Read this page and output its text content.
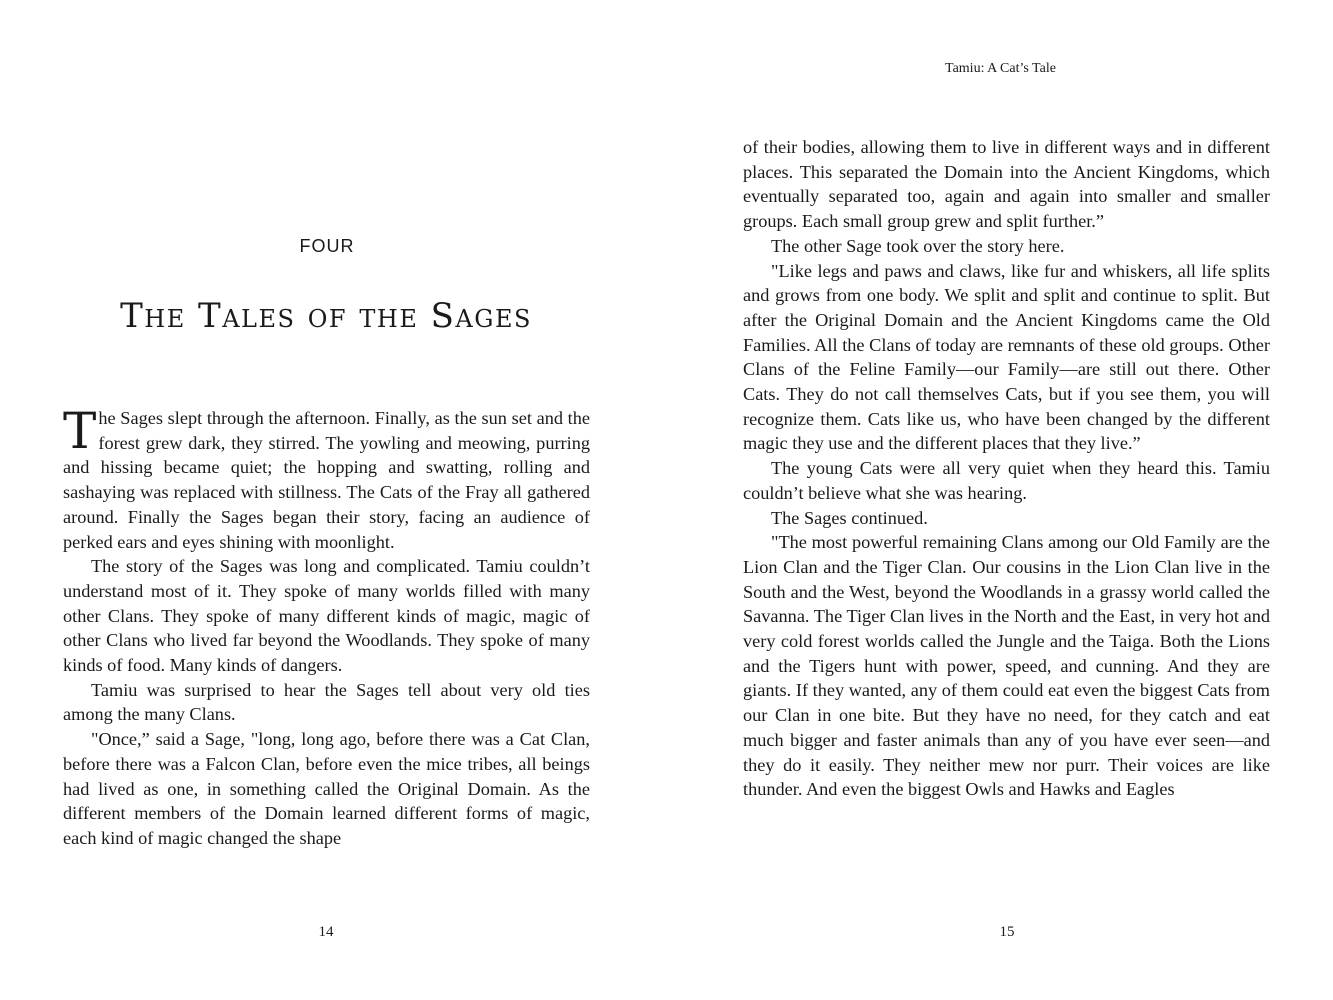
FOUR
The Tales of the Sages

The Sages slept through the afternoon. Finally, as the sun set and the forest grew dark, they stirred. The yowling and meowing, purring and hissing became quiet; the hopping and swatting, rolling and sashaying was replaced with stillness. The Cats of the Fray all gathered around. Finally the Sages began their story, facing an audience of perked ears and eyes shining with moonlight.

The story of the Sages was long and complicated. Tamiu couldn’t understand most of it. They spoke of many worlds filled with many other Clans. They spoke of many different kinds of magic, magic of other Clans who lived far beyond the Woodlands. They spoke of many kinds of food. Many kinds of dangers.

Tamiu was surprised to hear the Sages tell about very old ties among the many Clans.

"Once,” said a Sage, "long, long ago, before there was a Cat Clan, before there was a Falcon Clan, before even the mice tribes, all beings had lived as one, in something called the Original Domain. As the different members of the Domain learned different forms of magic, each kind of magic changed the shape

14
Tamiu: A Cat’s Tale

of their bodies, allowing them to live in different ways and in different places. This separated the Domain into the Ancient Kingdoms, which eventually separated too, again and again into smaller and smaller groups. Each small group grew and split further.”

The other Sage took over the story here.

"Like legs and paws and claws, like fur and whiskers, all life splits and grows from one body. We split and split and continue to split. But after the Original Domain and the Ancient Kingdoms came the Old Families. All the Clans of today are remnants of these old groups. Other Clans of the Feline Family—our Family—are still out there. Other Cats. They do not call themselves Cats, but if you see them, you will recognize them. Cats like us, who have been changed by the different magic they use and the different places that they live.”

The young Cats were all very quiet when they heard this. Tamiu couldn’t believe what she was hearing.

The Sages continued.

"The most powerful remaining Clans among our Old Family are the Lion Clan and the Tiger Clan. Our cousins in the Lion Clan live in the South and the West, beyond the Woodlands in a grassy world called the Savanna. The Tiger Clan lives in the North and the East, in very hot and very cold forest worlds called the Jungle and the Taiga. Both the Lions and the Tigers hunt with power, speed, and cunning. And they are giants. If they wanted, any of them could eat even the biggest Cats from our Clan in one bite. But they have no need, for they catch and eat much bigger and faster animals than any of you have ever seen—and they do it easily. They neither mew nor purr. Their voices are like thunder. And even the biggest Owls and Hawks and Eagles

15
